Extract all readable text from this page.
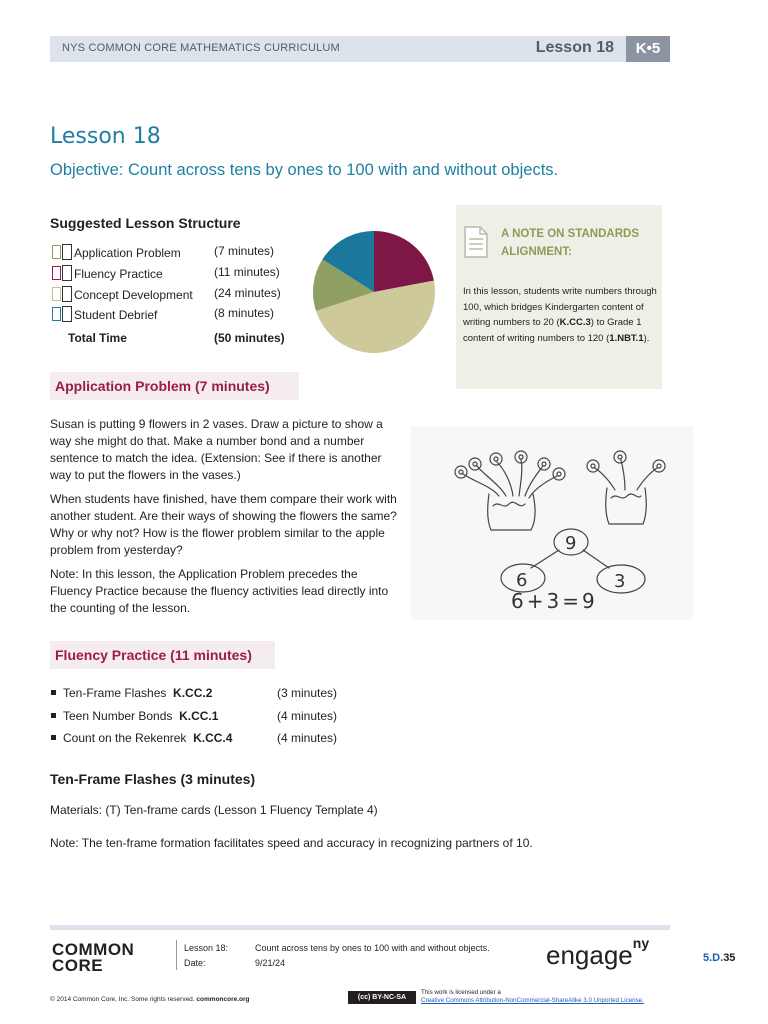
NYS COMMON CORE MATHEMATICS CURRICULUM	Lesson 18	K•5
Lesson 18
Objective: Count across tens by ones to 100 with and without objects.
Suggested Lesson Structure
Application Problem	(7 minutes)
Fluency Practice	(11 minutes)
Concept Development (24 minutes)
Student Debrief	(8 minutes)
Total Time	(50 minutes)
A NOTE ON STANDARDS ALIGNMENT:
In this lesson, students write numbers through 100, which bridges Kindergarten content of writing numbers to 20 (K.CC.3) to Grade 1 content of writing numbers to 120 (1.NBT.1).
Application Problem (7 minutes)

Susan is putting 9 flowers in 2 vases. Draw a picture to show a way she might do that. Make a number bond and a number sentence to match the idea. (Extension: See if there is another way to put the flowers in the vases.)

When students have finished, have them compare their work with another student. Are their ways of showing the flowers the same? Why or why not? How is the flower problem similar to the apple problem from yesterday?

Note: In this lesson, the Application Problem precedes the Fluency Practice because the fluency activities lead directly into the counting of the lesson.

9
6	3
6+3=9
Fluency Practice (11 minutes)
Ten-Frame Flashes K.CC.2	(3 minutes)
Teen Number Bonds K.CC.1	(4 minutes)
Count on the Rekenrek K.CC.4	(4 minutes)
Ten-Frame Flashes (3 minutes)
Materials: (T) Ten-frame cards (Lesson 1 Fluency Template 4)
Note: The ten-frame formation facilitates speed and accuracy in recognizing partners of 10.
COMMON
CORE
Lesson 18:	Count across tens by ones to 100 with and without objects.
Date:	9/21/24	engage$^{ny}$
5.D.35
© 2014 Common Core, Inc. Some rights reserved. commoncore.org	(cc) BY-NC-SA
This work is licensed under a
Creative Commons Attribution-NonCommercial-ShareAlike 3.0 Unported License.
